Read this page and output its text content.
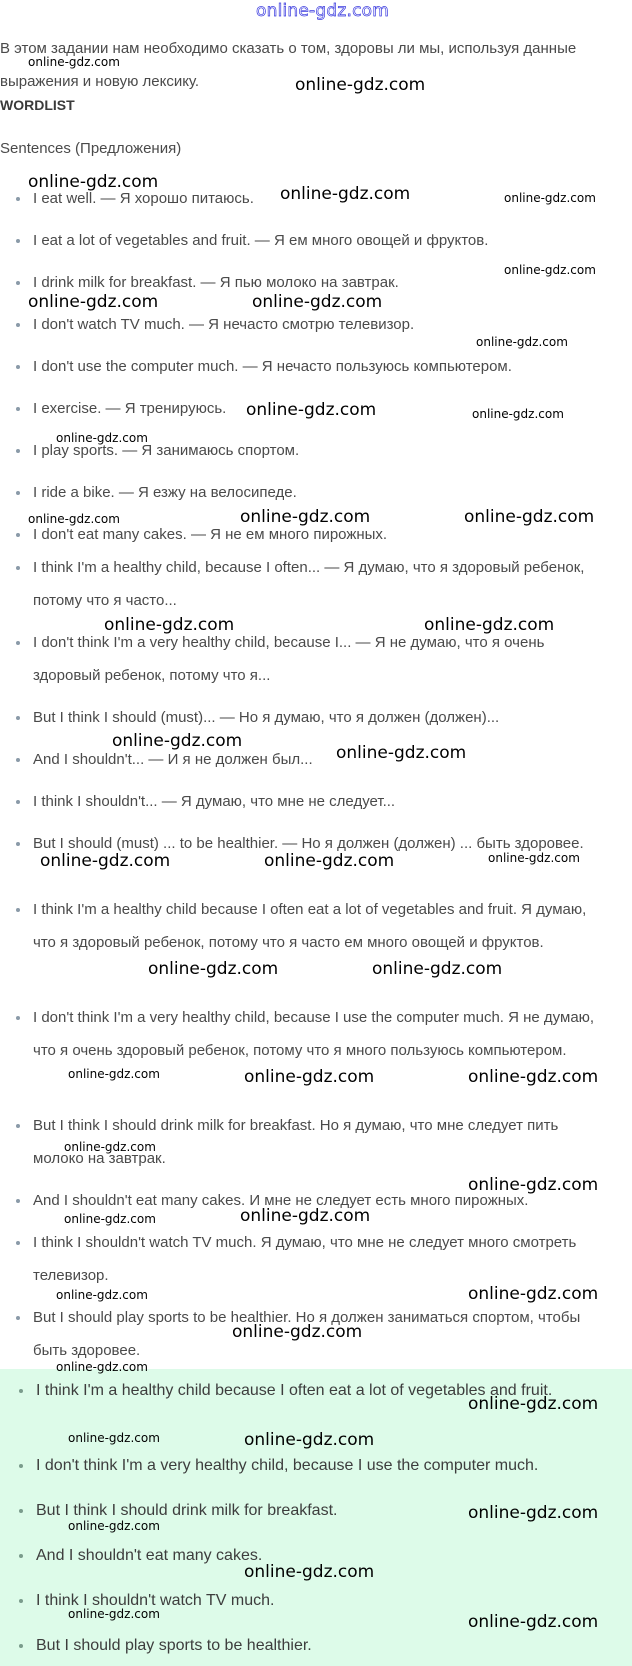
online-gdz.com

В этом задании нам необходимо сказать о том, здоровы ли мы, используя данные выражения и новую лексику.

WORDLIST
Sentences (Предложения)

I eat well. — Я хорошо питаюсь.

I eat a lot of vegetables and fruit. — Я ем много овощей и фруктов.

I drink milk for breakfast. — Я пью молоко на завтрак.

I don't watch TV much. — Я нечасто смотрю телевизор.

I don't use the computer much. — Я нечасто пользуюсь компьютером.

I exercise. — Я тренируюсь.

I play sports. — Я занимаюсь спортом.

I ride a bike. — Я езжу на велосипеде.

I don't eat many cakes. — Я не ем много пирожных.

I think I'm a healthy child, because I often... — Я думаю, что я здоровый ребенок, потому что я часто...

I don't think I'm a very healthy child, because I... — Я не думаю, что я очень здоровый ребенок, потому что я...

But I think I should (must)... — Но я думаю, что я должен (должен)...

And I shouldn't... — И я не должен был...

I think I shouldn't... — Я думаю, что мне не следует...

But I should (must) ... to be healthier. — Но я должен (должен) ... быть здоровее.

I think I'm a healthy child because I often eat a lot of vegetables and fruit. Я думаю, что я здоровый ребенок, потому что я часто ем много овощей и фруктов.

I don't think I'm a very healthy child, because I use the computer much. Я не думаю, что я очень здоровый ребенок, потому что я много пользуюсь компьютером.

But I think I should drink milk for breakfast. Но я думаю, что мне следует пить молоко на завтрак.

And I shouldn't eat many cakes. И мне не следует есть много пирожных.

I think I shouldn't watch TV much. Я думаю, что мне не следует много смотреть телевизор.

But I should play sports to be healthier. Но я должен заниматься спортом, чтобы быть здоровее.

I think I'm a healthy child because I often eat a lot of vegetables and fruit.

I don't think I'm a very healthy child, because I use the computer much.

But I think I should drink milk for breakfast.

And I shouldn't eat many cakes.

I think I shouldn't watch TV much.

But I should play sports to be healthier.

online-gdz.com
online-gdz.com
online-gdz.com
online-gdz.com	online-gdz.com
online-gdz.com
online-gdz.com	online-gdz.com
online-gdz.com
online-gdz.com	online-gdz.com
online-gdz.com
online-gdz.com	online-gdz.com	online-gdz.com
online-gdz.com	online-gdz.com
online-gdz.com
online-gdz.com
online-gdz.com	online-gdz.com	online-gdz.com
online-gdz.com	online-gdz.com
online-gdz.com	online-gdz.com	online-gdz.com
online-gdz.com
online-gdz.com
online-gdz.com	online-gdz.com
online-gdz.com	online-gdz.com
online-gdz.com
online-gdz.com
online-gdz.com
online-gdz.com	online-gdz.com
online-gdz.com
online-gdz.com
online-gdz.com
online-gdz.com	online-gdz.com
